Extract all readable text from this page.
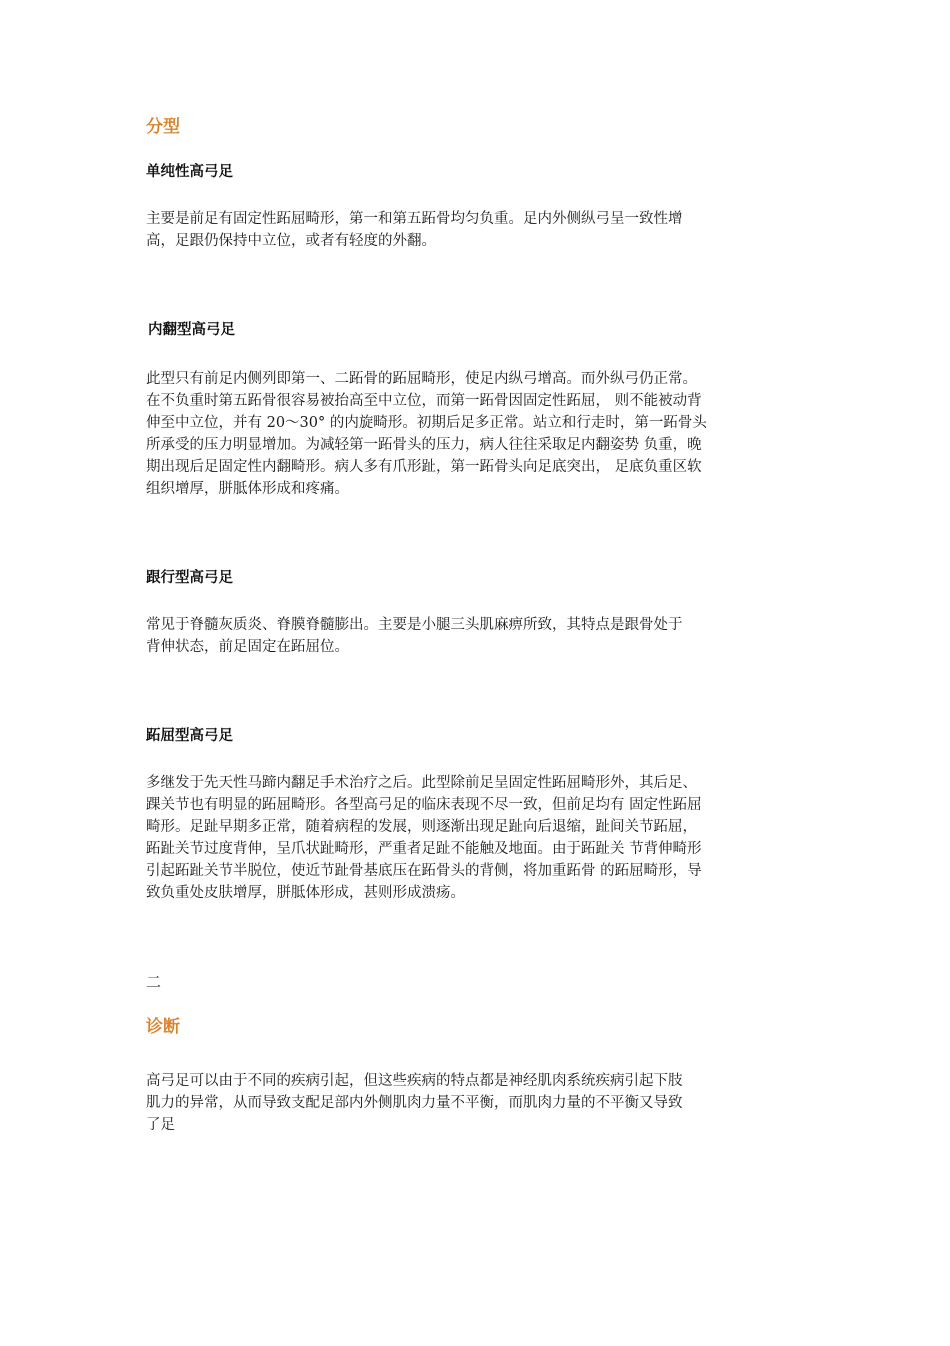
分型
单纯性高弓足

主要是前足有固定性跖屈畸形，第一和第五跖骨均匀负重。足内外侧纵弓呈一致性增
高，足跟仍保持中立位，或者有轻度的外翻。

内翻型高弓足

此型只有前足内侧列即第一、二跖骨的跖屈畸形，使足内纵弓增高。而外纵弓仍正常。
在不负重时第五跖骨很容易被抬高至中立位，而第一跖骨因固定性跖屈， 则不能被动背
伸至中立位，并有 20～30° 的内旋畸形。初期后足多正常。站立和行走时，第一跖骨头
所承受的压力明显增加。为减轻第一跖骨头的压力，病人往往采取足内翻姿势 负重，晚
期出现后足固定性内翻畸形。病人多有爪形趾，第一跖骨头向足底突出， 足底负重区软
组织增厚，胼胝体形成和疼痛。

跟行型高弓足

常见于脊髓灰质炎、脊膜脊髓膨出。主要是小腿三头肌麻痹所致，其特点是跟骨处于
背伸状态，前足固定在跖屈位。

跖屈型高弓足

多继发于先天性马蹄内翻足手术治疗之后。此型除前足呈固定性跖屈畸形外，其后足、
踝关节也有明显的跖屈畸形。各型高弓足的临床表现不尽一致，但前足均有 固定性跖屈
畸形。足趾早期多正常，随着病程的发展，则逐渐出现足趾向后退缩，趾间关节跖屈，
跖趾关节过度背伸，呈爪状趾畸形，严重者足趾不能触及地面。由于跖趾关 节背伸畸形
引起跖趾关节半脱位，使近节趾骨基底压在跖骨头的背侧，将加重跖骨 的跖屈畸形，导
致负重处皮肤增厚，胼胝体形成，甚则形成溃疡。

二
诊断

高弓足可以由于不同的疾病引起，但这些疾病的特点都是神经肌肉系统疾病引起下肢
肌力的异常，从而导致支配足部内外侧肌肉力量不平衡，而肌肉力量的不平衡又导致
了足
